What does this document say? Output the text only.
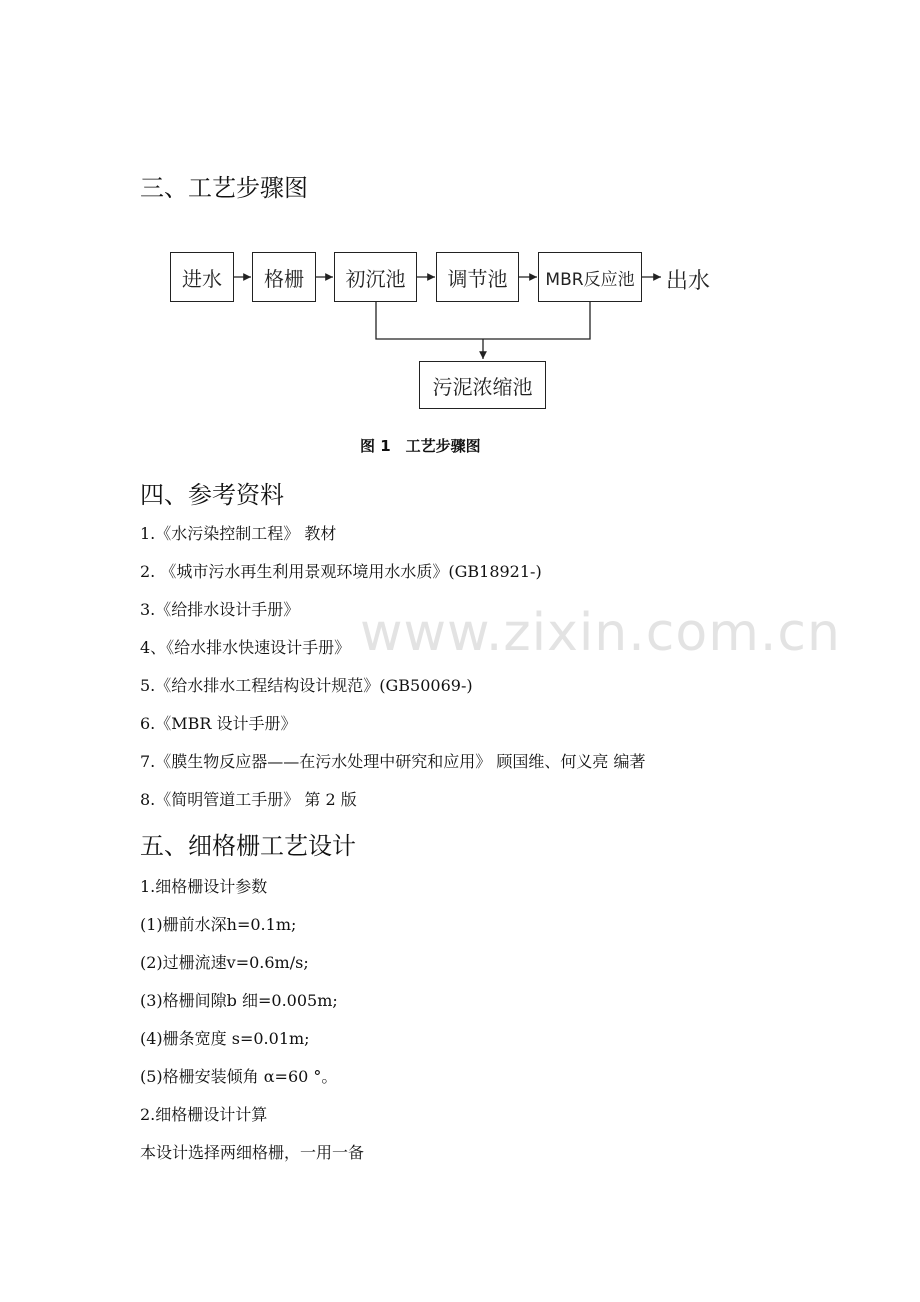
三、工艺步骤图
进水	格栅	初沉池	调节池	MBR反应池	出水
污泥浓缩池
图 1　工艺步骤图
四、参考资料
1.《水污染控制工程》 教材
2. 《城市污水再生利用景观环境用水水质》(GB18921-)
3.《给排水设计手册》
4、《给水排水快速设计手册》
5.《给水排水工程结构设计规范》(GB50069-)
6.《MBR 设计手册》
7.《膜生物反应器——在污水处理中研究和应用》 顾国维、何义亮 编著
8.《简明管道工手册》 第 2 版
五、细格栅工艺设计
1.细格栅设计参数
(1)栅前水深h=0.1m;
(2)过栅流速v=0.6m/s;
(3)格栅间隙b 细=0.005m;
(4)栅条宽度 s=0.01m;
(5)格栅安装倾角 α=60 °。
2.细格栅设计计算
本设计选择两细格栅，一用一备
www.zixin.com.cn
